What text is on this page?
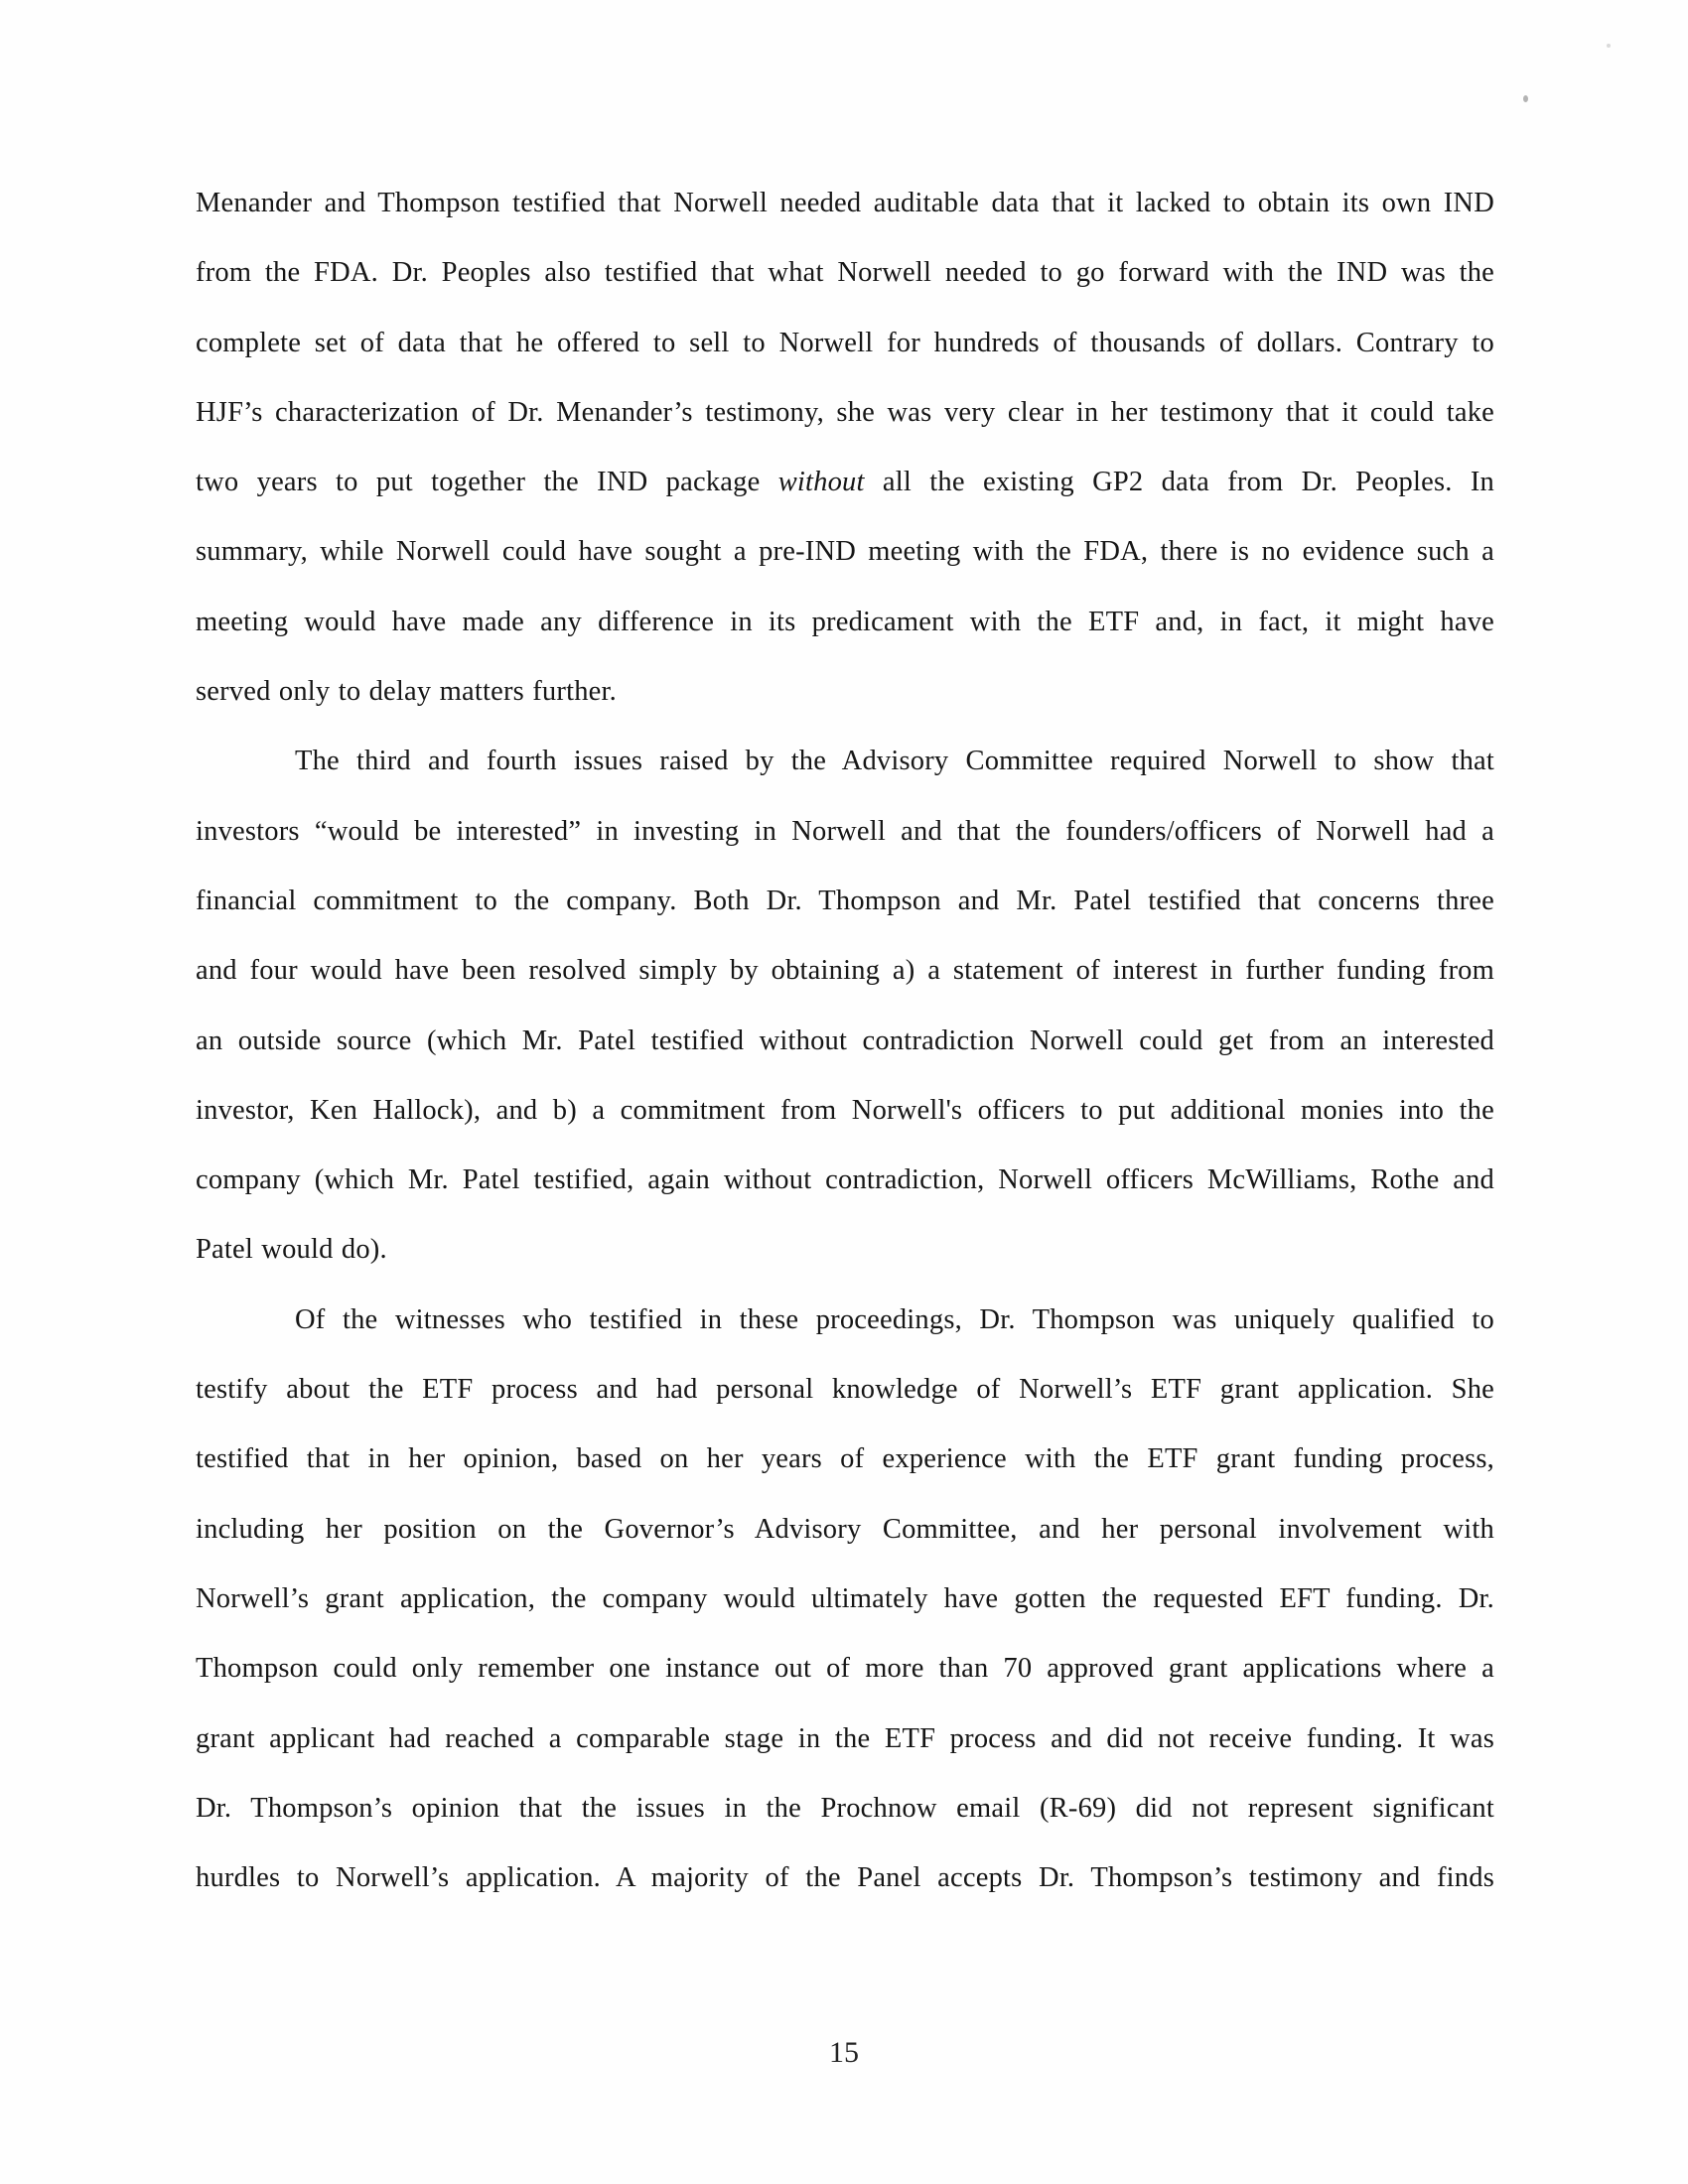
Menander and Thompson testified that Norwell needed auditable data that it lacked to obtain its own IND
from the FDA. Dr. Peoples also testified that what Norwell needed to go forward with the IND was the
complete set of data that he offered to sell to Norwell for hundreds of thousands of dollars. Contrary to
HJF’s characterization of Dr. Menander’s testimony, she was very clear in her testimony that it could take
two years to put together the IND package without all the existing GP2 data from Dr. Peoples. In
summary, while Norwell could have sought a pre-IND meeting with the FDA, there is no evidence such a
meeting would have made any difference in its predicament with the ETF and, in fact, it might have
served only to delay matters further.
The third and fourth issues raised by the Advisory Committee required Norwell to show that
investors “would be interested” in investing in Norwell and that the founders/officers of Norwell had a
financial commitment to the company. Both Dr. Thompson and Mr. Patel testified that concerns three
and four would have been resolved simply by obtaining a) a statement of interest in further funding from
an outside source (which Mr. Patel testified without contradiction Norwell could get from an interested
investor, Ken Hallock), and b) a commitment from Norwell's officers to put additional monies into the
company (which Mr. Patel testified, again without contradiction, Norwell officers McWilliams, Rothe and
Patel would do).
Of the witnesses who testified in these proceedings, Dr. Thompson was uniquely qualified to
testify about the ETF process and had personal knowledge of Norwell’s ETF grant application. She
testified that in her opinion, based on her years of experience with the ETF grant funding process,
including her position on the Governor’s Advisory Committee, and her personal involvement with
Norwell’s grant application, the company would ultimately have gotten the requested EFT funding. Dr.
Thompson could only remember one instance out of more than 70 approved grant applications where a
grant applicant had reached a comparable stage in the ETF process and did not receive funding. It was
Dr. Thompson’s opinion that the issues in the Prochnow email (R-69) did not represent significant
hurdles to Norwell’s application. A majority of the Panel accepts Dr. Thompson’s testimony and finds
15
